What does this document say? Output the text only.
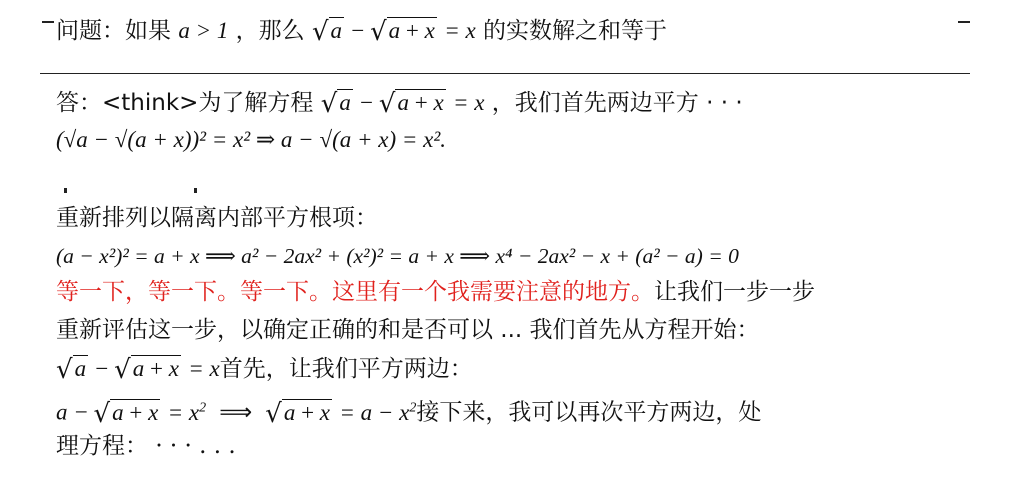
问题：如果 a > 1 ，那么 √a − √a + x = x 的实数解之和等于
答：<think>为了解方程 √a − √a + x = x ，我们首先两边平方 · · ·
(√a − √(a + x))² = x² ⇒ a − √(a + x) = x².
重新排列以隔离内部平方根项：
(a − x²)² = a + x ⟹ a² − 2ax² + (x²)² = a + x ⟹ x⁴ − 2ax² − x + (a² − a) = 0
等一下，等一下。等一下。这里有一个我需要注意的地方。让我们一步一步
重新评估这一步，以确定正确的和是否可以 ... 我们首先从方程开始：
√a − √a + x = x首先，让我们平方两边：
$a - √a + x = x^2$  ⟹  $√a + x = a - x^2$接下来，我可以再次平方两边，处
理方程： · · · . . .
